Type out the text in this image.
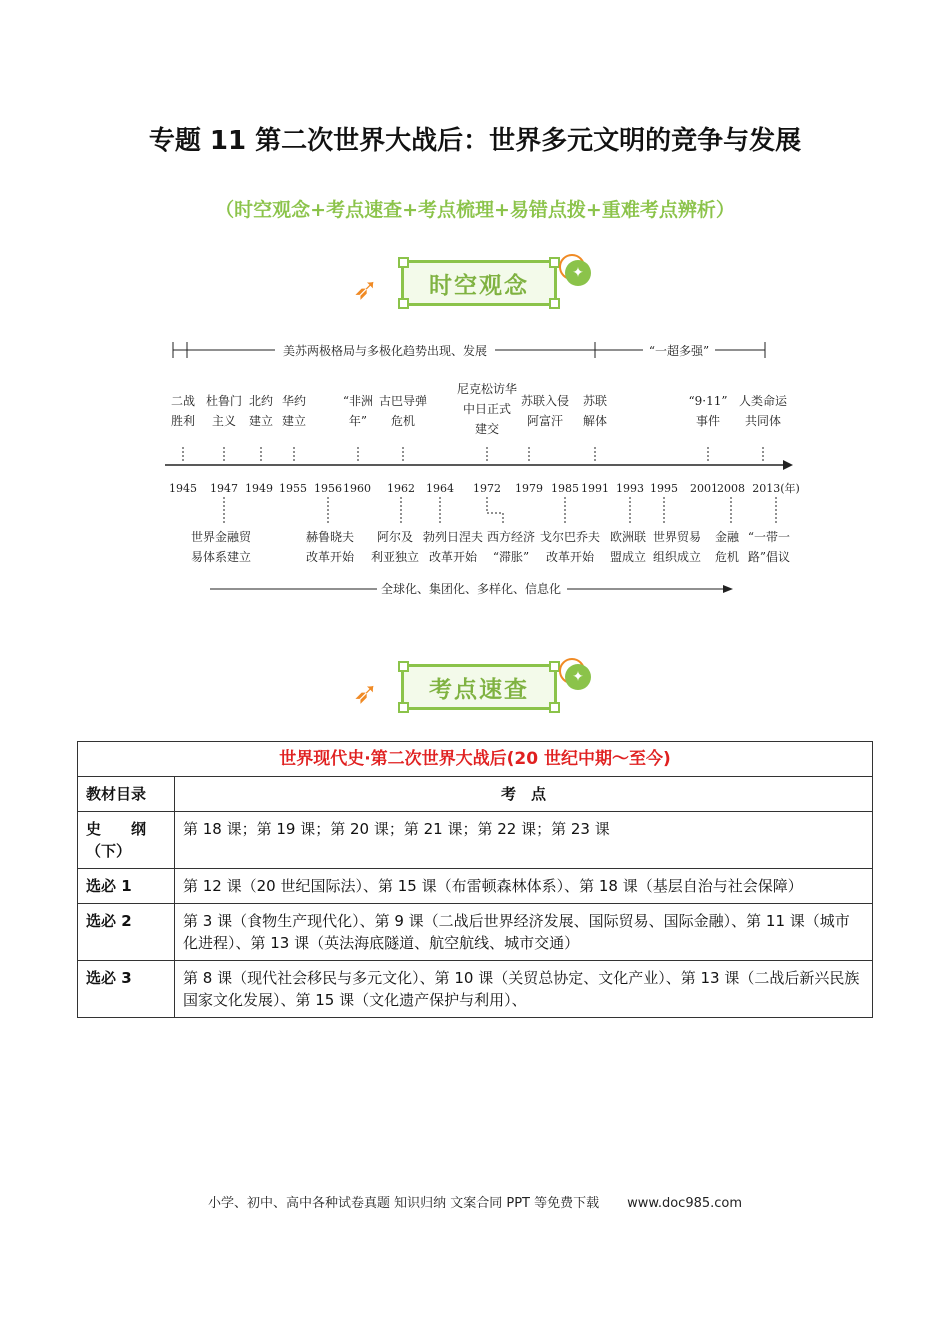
专题 11 第二次世界大战后：世界多元文明的竞争与发展
（时空观念+考点速查+考点梳理+易错点拨+重难考点辨析）
➶ 时空观念	✦
美苏两极格局与多极化趋势出现、发展	“一超多强”
二战
胜利
杜鲁门
主义
北约
建立
华约
建立
“非洲
年”
古巴导弹
危机
尼克松访华
中日正式
建交
苏联入侵
阿富汗
苏联
解体
“9·11”
事件
人类命运
共同体
1945 1947 1949 1955 1956 1960 1962 1964 1972 1979 1985 1991 1993 1995 2001 2008 2013(年)
世界金融贸
易体系建立
赫鲁晓夫
改革开始
阿尔及
利亚独立
勃列日涅夫
改革开始
西方经济
“滞胀”
戈尔巴乔夫
改革开始
欧洲联
盟成立
世界贸易
组织成立
金融
危机
“一带一
路”倡议
全球化、集团化、多样化、信息化
➶ 考点速查	✦
世界现代史·第二次世界大战后(20 世纪中期～至今)	
教材目录	考　点
史　　纲（下）	第 18 课；第 19 课；第 20 课；第 21 课；第 22 课；第 23 课
选必 1	第 12 课（20 世纪国际法）、第 15 课（布雷顿森林体系）、第 18 课（基层自治与社会保障）
选必 2	第 3 课（食物生产现代化）、第 9 课（二战后世界经济发展、国际贸易、国际金融）、第 11 课（城市化进程）、第 13 课（英法海底隧道、航空航线、城市交通）
选必 3	第 8 课（现代社会移民与多元文化）、第 10 课（关贸总协定、文化产业）、第 13 课（二战后新兴民族国家文化发展）、第 15 课（文化遗产保护与利用）、
小学、初中、高中各种试卷真题 知识归纳 文案合同 PPT 等免费下载 www.doc985.com
